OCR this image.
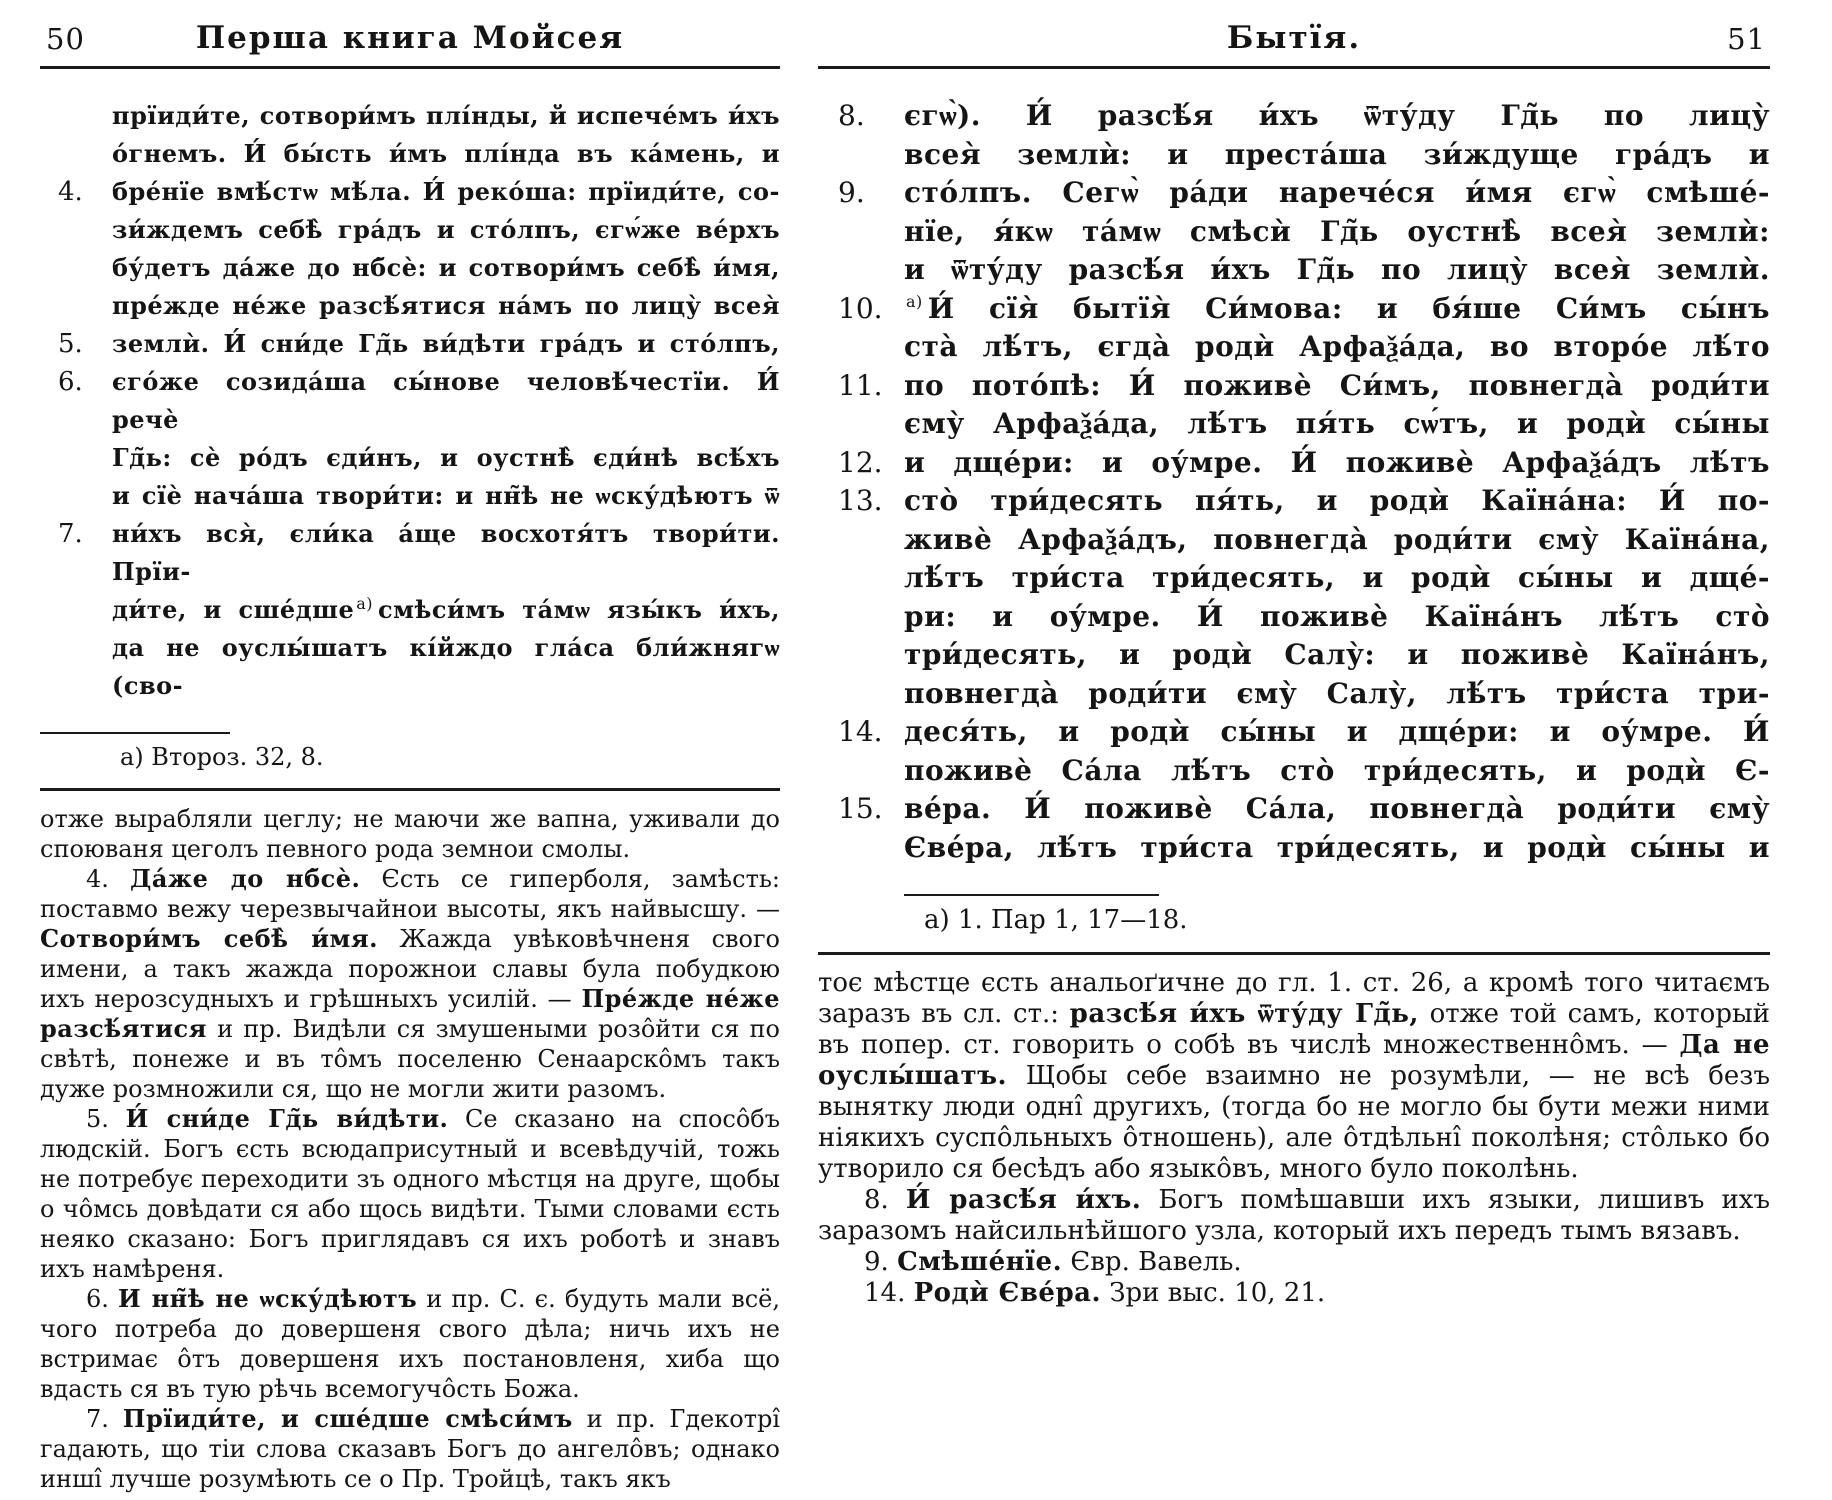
50	Перша книга Мойсея
прїиди́те, сотвори́мъ плі́нды, й испече́мъ и́хъ
о́гнемъ. И́ бы́сть и́мъ плі́нда въ ка́мень, и
4.	бре́нїе вмѣ́стѡ мѣ́ла. И́ реко́ша: прїиди́те, со-
зи́ждемъ себѣ̀ гра́дъ и сто́лпъ, єгѡ́же ве́рхъ
бу́детъ да́же до нб̃сѐ: и сотвори́мъ себѣ̀ и́мя,
пре́жде не́же разсѣ́ятися на́мъ по лицу̀ всея̀
5.	землѝ. И́ сни́де Гд̃ь ви́дѣти гра́дъ и сто́лпъ,
6.	єго́же созида́ша сы́нове человѣ́честїи. И́ речѐ
Гд̃ь: сѐ ро́дъ єди́нъ, и оустнѣ̀ єди́нѣ всѣ́хъ
и сїѐ нача́ша твори́ти: и нн̃ѣ не ѡску́дѣютъ ѿ
7.	ни́хъ вся̀, єли́ка а́ще восхотя́тъ твори́ти. Прїи-
ди́те, и сше́дше $^{а)}$ смѣси́мъ та́мѡ язы́къ и́хъ,
да не оуслы́шатъ кі́йждо гла́са бли́жнягѡ (сво-
а) Второз. 32, 8.

отже вырабляли цеглу; не маючи же вапна, уживали до споюваня цеголъ певного рода земнои смолы.

4. Да́же до нб̃сѐ. Єсть се гиперболя, замѣсть: поставмо вежу черезвычайнои высоты, якъ найвысшу. — Сотвори́мъ себѣ̀ и́мя. Жажда увѣковѣчненя свого имени, а такъ жажда порожнои славы була побудкою ихъ нерозсудныхъ и грѣшныхъ усилій. — Пре́жде не́же разсѣ́ятися и пр. Видѣли ся змушеными розôйти ся по свѣтѣ, понеже и въ тôмъ поселеню Сенаарскôмъ такъ дуже розмножили ся, що не могли жити разомъ.

5. И́ сни́де Гд̃ь ви́дѣти. Се сказано на спосôбъ людскій. Богъ єсть всюдаприсутный и всевѣдучій, тожь не потребує переходити зъ одного мѣстця на друге, щобы о чôмсь довѣдати ся або щось видѣти. Тыми словами єсть неяко сказано: Богъ приглядавъ ся ихъ роботѣ и знавъ ихъ намѣреня.

6. И нн̃ѣ не ѡску́дѣютъ и пр. С. є. будуть мали всё, чого потреба до довершеня свого дѣла; ничь ихъ не встримає ôтъ довершеня ихъ постановленя, хиба що вдасть ся въ тую рѣчь всемогучôсть Божа.

7. Прїиди́те, и сше́дше смѣси́мъ и пр. Гдекотрî гадають, що тіи слова сказавъ Богъ до ангелôвъ; однако иншî лучше розумѣють се о Пр. Тройцѣ, такъ якъ

51
Бытїя.
8.	єгѡ̀). И́ разсѣ́я и́хъ ѿту́ду Гд̃ь по лицу̀
всея̀ землѝ: и преста́ша зи́ждуще гра́дъ и
9.	сто́лпъ. Сегѡ̀ ра́ди нарече́ся и́мя єгѡ̀ смѣше́-
нїе, я́кѡ та́мѡ смѣсѝ Гд̃ь оустнѣ̀ всея̀ землѝ:
и ѿту́ду разсѣ́я и́хъ Гд̃ь по лицу̀ всея̀ землѝ.
10.	$^{а)}$ И́ сїя̀ бытїя̀ Си́мова: и бя́ше Си́мъ сы́нъ
ста̀ лѣ́тъ, єгда̀ родѝ Арфаѯа́да, во второ́е лѣ́то
11. по пото́пѣ: И́ поживѐ Си́мъ, повнегда̀ роди́ти
єму̀ Арфаѯа́да, лѣ́тъ пя́ть сѡ́тъ, и родѝ сы́ны
12. и дще́ри: и оу́мре. И́ поживѐ Арфаѯа́дъ лѣ́тъ
13. сто̀ три́десять пя́ть, и родѝ Каїна́на: И́ по-
живѐ Арфаѯа́дъ, повнегда̀ роди́ти єму̀ Каїна́на,
лѣ́тъ три́ста три́десять, и родѝ сы́ны и дще́-
ри: и оу́мре. И́ поживѐ Каїна́нъ лѣ́тъ сто̀
три́десять, и родѝ Салу̀: и поживѐ Каїна́нъ,
повнегда̀ роди́ти єму̀ Салу̀, лѣ́тъ три́ста три-
14. деся́ть, и родѝ сы́ны и дще́ри: и оу́мре. И́
поживѐ Са́ла лѣ́тъ сто̀ три́десять, и родѝ Є-
15. ве́ра. И́ поживѐ Са́ла, повнегда̀ роди́ти єму̀
Єве́ра, лѣ́тъ три́ста три́десять, и родѝ сы́ны и
а) 1. Пар 1, 17—18.

тоє мѣстце єсть анальоґичне до гл. 1. ст. 26, а кромѣ того читаємъ заразъ въ сл. ст.: разсѣ́я и́хъ ѿту́ду Гд̃ь, отже той самъ, который въ попер. ст. говорить о собѣ въ числѣ множественнôмъ. — Да не оуслы́шатъ. Щобы себе взаимно не розумѣли, — не всѣ безъ вынятку люди однî другихъ, (тогда бо не могло бы бути межи ними ніякихъ суспôльныхъ ôтношень), але ôтдѣльнî поколѣня; стôлько бо утворило ся бесѣдъ або языкôвъ, много було поколѣнь.

8. И́ разсѣ́я и́хъ. Богъ помѣшавши ихъ языки, лишивъ ихъ заразомъ найсильнѣйшого узла, который ихъ передъ тымъ вязавъ.

9. Смѣше́нїе. Євр. Вавель.

14. Родѝ Єве́ра. Зри выс. 10, 21.
